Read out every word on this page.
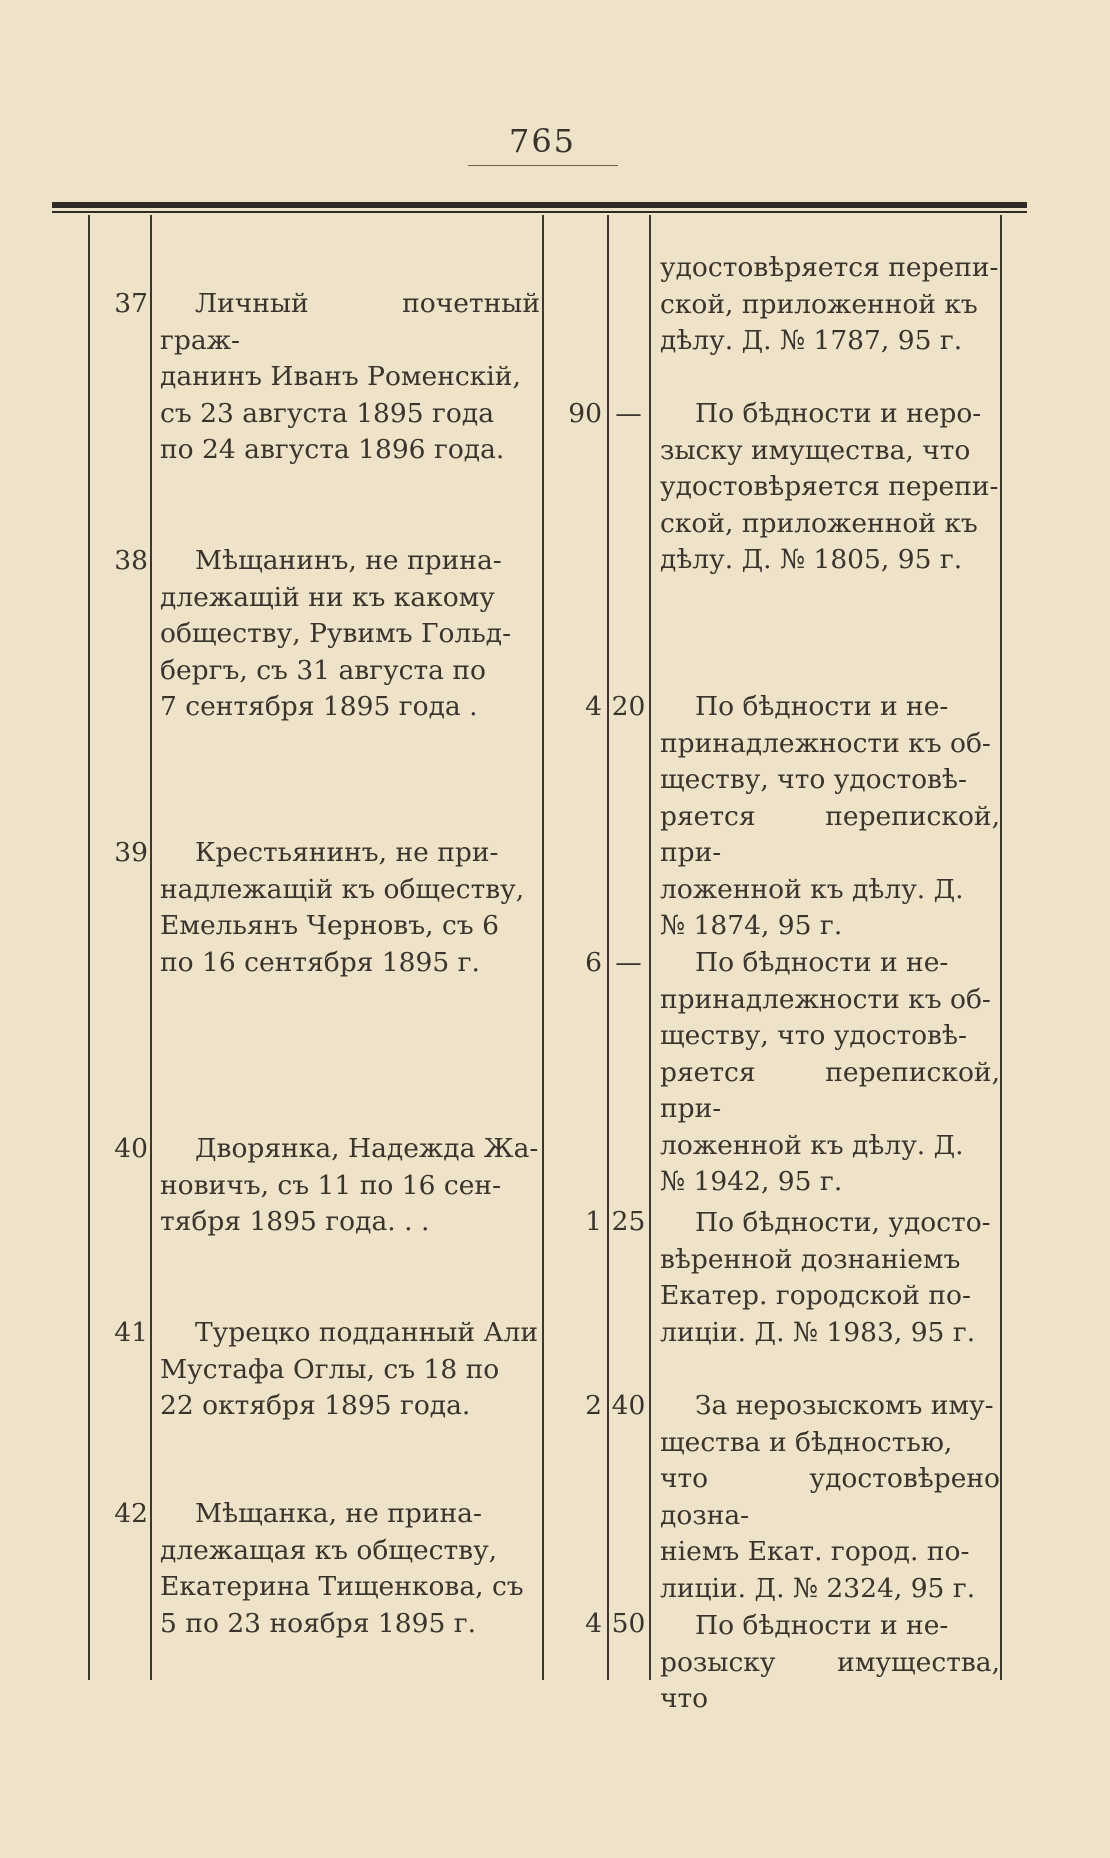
765
удостовѣряется перепи-
ской, приложенной къ
дѣлу. Д. № 1787, 95 г.
37	Личный почетный граж-
данинъ Иванъ Роменскій,
съ 23 августа 1895 года
по 24 августа 1896 года.
90 —	По бѣдности и неро-
зыску имущества, что
удостовѣряется перепи-
ской, приложенной къ
дѣлу. Д. № 1805, 95 г.
38	Мѣщанинъ, не прина-
длежащій ни къ какому
обществу, Рувимъ Гольд-
бергъ, съ 31 августа по
7 сентября 1895 года .	4 20	По бѣдности и не-
принадлежности къ об-
ществу, что удостовѣ-
ряется перепиской, при-
ложенной къ дѣлу. Д.
№ 1874, 95 г.
39	Крестьянинъ, не при-
надлежащій къ обществу,
Емельянъ Черновъ, съ 6
по 16 сентября 1895 г.	6 —	По бѣдности и не-
принадлежности къ об-
ществу, что удостовѣ-
ряется перепиской, при-
ложенной къ дѣлу. Д.
№ 1942, 95 г.
40	Дворянка, Надежда Жа-
новичъ, съ 11 по 16 сен-
тября 1895 года. . .	1 25	По бѣдности, удосто-
вѣренной дознаніемъ
Екатер. городской по-
лиціи. Д. № 1983, 95 г.
41	Турецко подданный Али
Мустафа Оглы, съ 18 по
22 октября 1895 года.	2 40	За нерозыскомъ иму-
щества и бѣдностью,
что удостовѣрено дозна-
ніемъ Екат. город. по-
лиціи. Д. № 2324, 95 г.
42	Мѣщанка, не прина-
длежащая къ обществу,
Екатерина Тищенкова, съ
5 по 23 ноября 1895 г.	4 50	По бѣдности и не-
розыску имущества, что
